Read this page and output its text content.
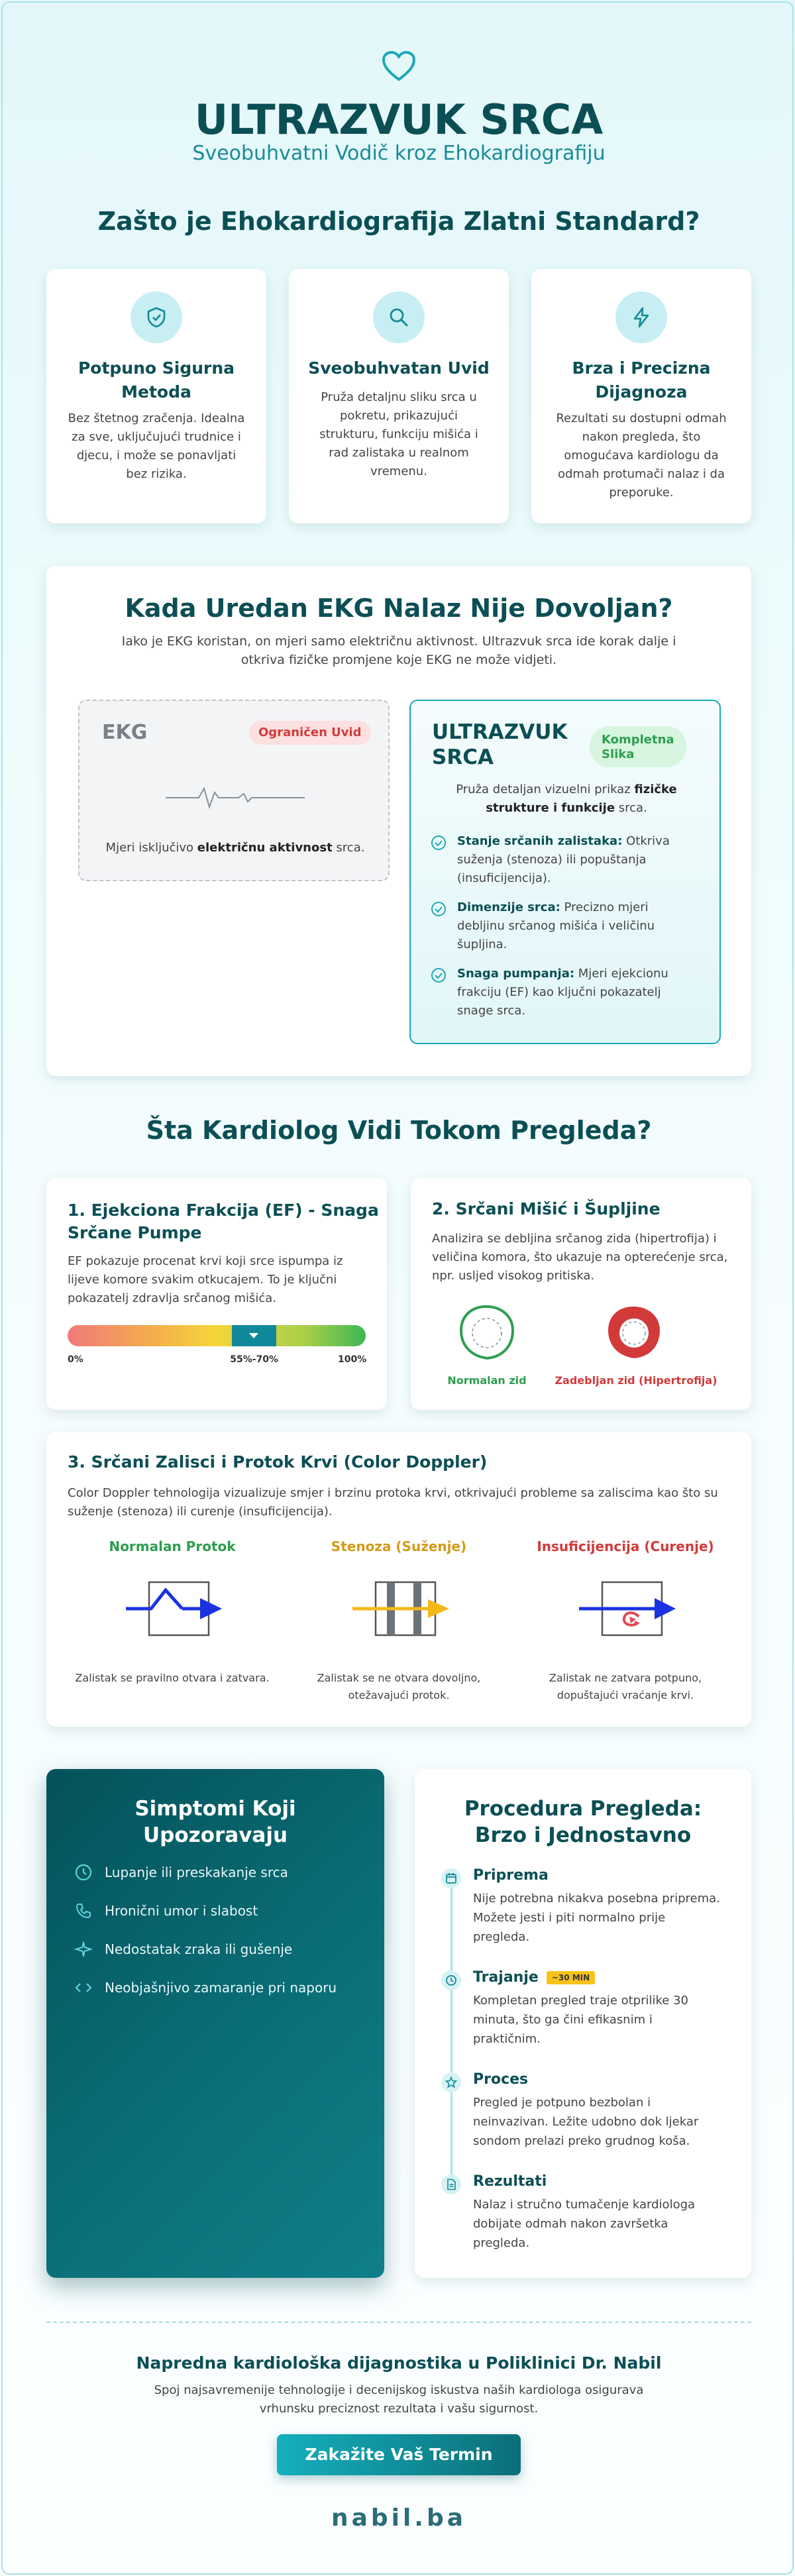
ULTRAZVUK SRCA
Sveobuhvatni Vodič kroz Ehokardiografiju
Zašto je Ehokardiografija Zlatni Standard?
Potpuno Sigurna
Metoda
Bez štetnog zračenja. Idealna
za sve, uključujući trudnice i
djecu, i može se ponavljati
bez rizika.
Sveobuhvatan Uvid
Pruža detaljnu sliku srca u
pokretu, prikazujući
strukturu, funkciju mišića i
rad zalistaka u realnom
vremenu.
Brza i Precizna
Dijagnoza
Rezultati su dostupni odmah
nakon pregleda, što
omogućava kardiologu da
odmah protumači nalaz i da
preporuke.
Kada Uredan EKG Nalaz Nije Dovoljan?
Iako je EKG koristan, on mjeri samo električnu aktivnost. Ultrazvuk srca ide korak dalje i
otkriva fizičke promjene koje EKG ne može vidjeti.
EKG	Ograničen Uvid
Mjeri isključivo električnu aktivnost srca.
ULTRAZVUK
SRCA
Kompletna
Slika
Pruža detaljan vizuelni prikaz fizičke
strukture i funkcije srca.
Stanje srčanih zalistaka: Otkriva
suženja (stenoza) ili popuštanja
(insuficijencija).
Dimenzije srca: Precizno mjeri
debljinu srčanog mišića i veličinu
šupljina.
Snaga pumpanja: Mjeri ejekcionu
frakciju (EF) kao ključni pokazatelj
snage srca.
Šta Kardiolog Vidi Tokom Pregleda?
1. Ejekciona Frakcija (EF) - Snaga
Srčane Pumpe
EF pokazuje procenat krvi koji srce ispumpa iz
lijeve komore svakim otkucajem. To je ključni
pokazatelj zdravlja srčanog mišića.
0%	55%-70%	100%
2. Srčani Mišić i Šupljine
Analizira se debljina srčanog zida (hipertrofija) i
veličina komora, što ukazuje na opterećenje srca,
npr. usljed visokog pritiska.
Normalan zid	Zadebljan zid (Hipertrofija)
3. Srčani Zalisci i Protok Krvi (Color Doppler)
Color Doppler tehnologija vizualizuje smjer i brzinu protoka krvi, otkrivajući probleme sa zaliscima kao što su
suženje (stenoza) ili curenje (insuficijencija).
Normalan Protok
Zalistak se pravilno otvara i zatvara.
Stenoza (Suženje)
Zalistak se ne otvara dovoljno,
otežavajući protok.
Insuficijencija (Curenje)
Zalistak ne zatvara potpuno,
dopuštajući vraćanje krvi.
Simptomi Koji
Upozoravaju
Lupanje ili preskakanje srca
Hronični umor i slabost
Nedostatak zraka ili gušenje
Neobjašnjivo zamaranje pri naporu
Procedura Pregleda:
Brzo i Jednostavno
Priprema
Nije potrebna nikakva posebna priprema.
Možete jesti i piti normalno prije
pregleda.
Trajanje	~30 MIN
Kompletan pregled traje otprilike 30
minuta, što ga čini efikasnim i
praktičnim.
Proces
Pregled je potpuno bezbolan i
neinvazivan. Ležite udobno dok ljekar
sondom prelazi preko grudnog koša.
Rezultati
Nalaz i stručno tumačenje kardiologa
dobijate odmah nakon završetka
pregleda.
Napredna kardiološka dijagnostika u Poliklinici Dr. Nabil
Spoj najsavremenije tehnologije i decenijskog iskustva naših kardiologa osigurava
vrhunsku preciznost rezultata i vašu sigurnost.
Zakažite Vaš Termin
nabil.ba
